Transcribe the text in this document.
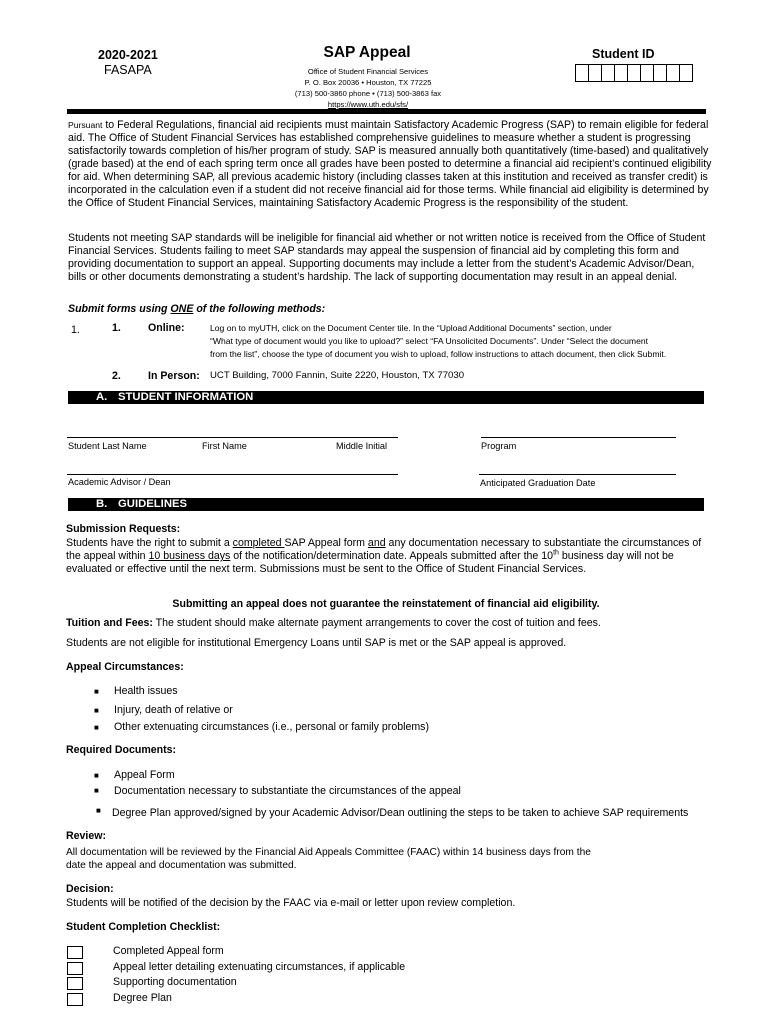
2020-2021
FASAPA
SAP Appeal
Office of Student Financial Services
P. O. Box 20036 • Houston, TX 77225
(713) 500-3860 phone • (713) 500-3863 fax
https://www.uth.edu/sfs/
Student ID
Pursuant to Federal Regulations, financial aid recipients must maintain Satisfactory Academic Progress (SAP) to remain eligible for federal aid. The Office of Student Financial Services has established comprehensive guidelines to measure whether a student is progressing satisfactorily towards completion of his/her program of study. SAP is measured annually both quantitatively (time-based) and qualitatively (grade based) at the end of each spring term once all grades have been posted to determine a financial aid recipient’s continued eligibility for aid. When determining SAP, all previous academic history (including classes taken at this institution and received as transfer credit) is incorporated in the calculation even if a student did not receive financial aid for those terms. While financial aid eligibility is determined by the Office of Student Financial Services, maintaining Satisfactory Academic Progress is the responsibility of the student.
Students not meeting SAP standards will be ineligible for financial aid whether or not written notice is received from the Office of Student Financial Services. Students failing to meet SAP standards may appeal the suspension of financial aid by completing this form and providing documentation to support an appeal. Supporting documents may include a letter from the student’s Academic Advisor/Dean, bills or other documents demonstrating a student’s hardship. The lack of supporting documentation may result in an appeal denial.
Submit forms using ONE of the following methods:
1.	1.	Online:	Log on to myUTH, click on the Document Center tile. In the “Upload Additional Documents” section, under
“What type of document would you like to upload?” select “FA Unsolicited Documents”. Under “Select the document
from the list”, choose the type of document you wish to upload, follow instructions to attach document, then click Submit.
2.	In Person: UCT Building, 7000 Fannin, Suite 2220, Houston, TX 77030
A. STUDENT INFORMATION
Student Last Name	First Name	Middle Initial	Program
Academic Advisor / Dean	Anticipated Graduation Date
B. GUIDELINES
Submission Requests:
Students have the right to submit a completed SAP Appeal form and any documentation necessary to substantiate the circumstances of the appeal within 10 business days of the notification/determination date. Appeals submitted after the 10th business day will not be evaluated or effective until the next term. Submissions must be sent to the Office of Student Financial Services.
Submitting an appeal does not guarantee the reinstatement of financial aid eligibility.
Tuition and Fees: The student should make alternate payment arrangements to cover the cost of tuition and fees.
Students are not eligible for institutional Emergency Loans until SAP is met or the SAP appeal is approved.
Appeal Circumstances:
■ Health issues
■ Injury, death of relative or
■ Other extenuating circumstances (i.e., personal or family problems)
Required Documents:
■ Appeal Form
■ Documentation necessary to substantiate the circumstances of the appeal
■ Degree Plan approved/signed by your Academic Advisor/Dean outlining the steps to be taken to achieve SAP requirements
Review:
All documentation will be reviewed by the Financial Aid Appeals Committee (FAAC) within 14 business days from the
date the appeal and documentation was submitted.
Decision:
Students will be notified of the decision by the FAAC via e-mail or letter upon review completion.
Student Completion Checklist:
Completed Appeal form
Appeal letter detailing extenuating circumstances, if applicable
Supporting documentation
Degree Plan
